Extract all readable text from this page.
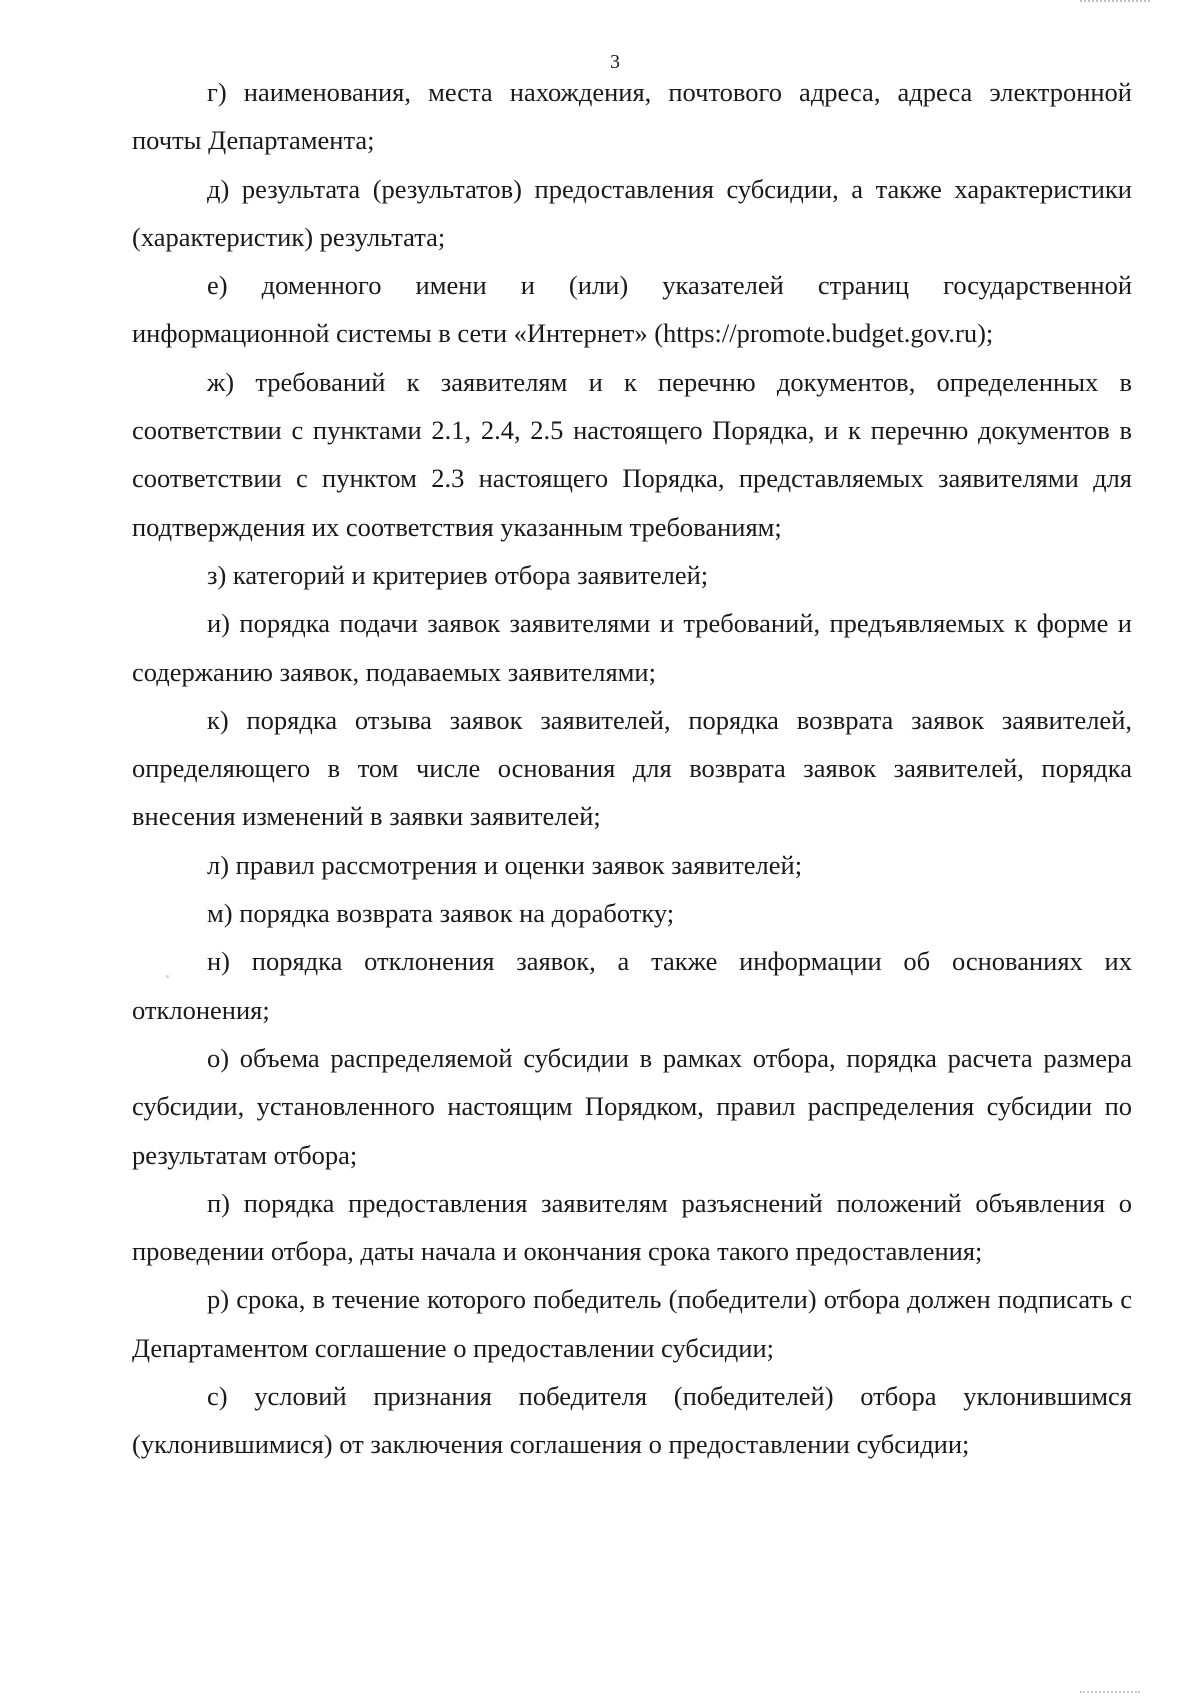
3

г) наименования, места нахождения, почтового адреса, адреса электронной почты Департамента;

д) результата (результатов) предоставления субсидии, а также характеристики (характеристик) результата;

е) доменного имени и (или) указателей страниц государственной информационной системы в сети «Интернет» (https://promote.budget.gov.ru);

ж) требований к заявителям и к перечню документов, определенных в соответствии с пунктами 2.1, 2.4, 2.5 настоящего Порядка, и к перечню документов в соответствии с пунктом 2.3 настоящего Порядка, представляемых заявителями для подтверждения их соответствия указанным требованиям;

з) категорий и критериев отбора заявителей;

и) порядка подачи заявок заявителями и требований, предъявляемых к форме и содержанию заявок, подаваемых заявителями;

к) порядка отзыва заявок заявителей, порядка возврата заявок заявителей, определяющего в том числе основания для возврата заявок заявителей, порядка внесения изменений в заявки заявителей;

л) правил рассмотрения и оценки заявок заявителей;

м) порядка возврата заявок на доработку;

н) порядка отклонения заявок, а также информации об основаниях их отклонения;

о) объема распределяемой субсидии в рамках отбора, порядка расчета размера субсидии, установленного настоящим Порядком, правил распределения субсидии по результатам отбора;

п) порядка предоставления заявителям разъяснений положений объявления о проведении отбора, даты начала и окончания срока такого предоставления;

р) срока, в течение которого победитель (победители) отбора должен подписать с Департаментом соглашение о предоставлении субсидии;

с) условий признания победителя (победителей) отбора уклонившимся (уклонившимися) от заключения соглашения о предоставлении субсидии;
